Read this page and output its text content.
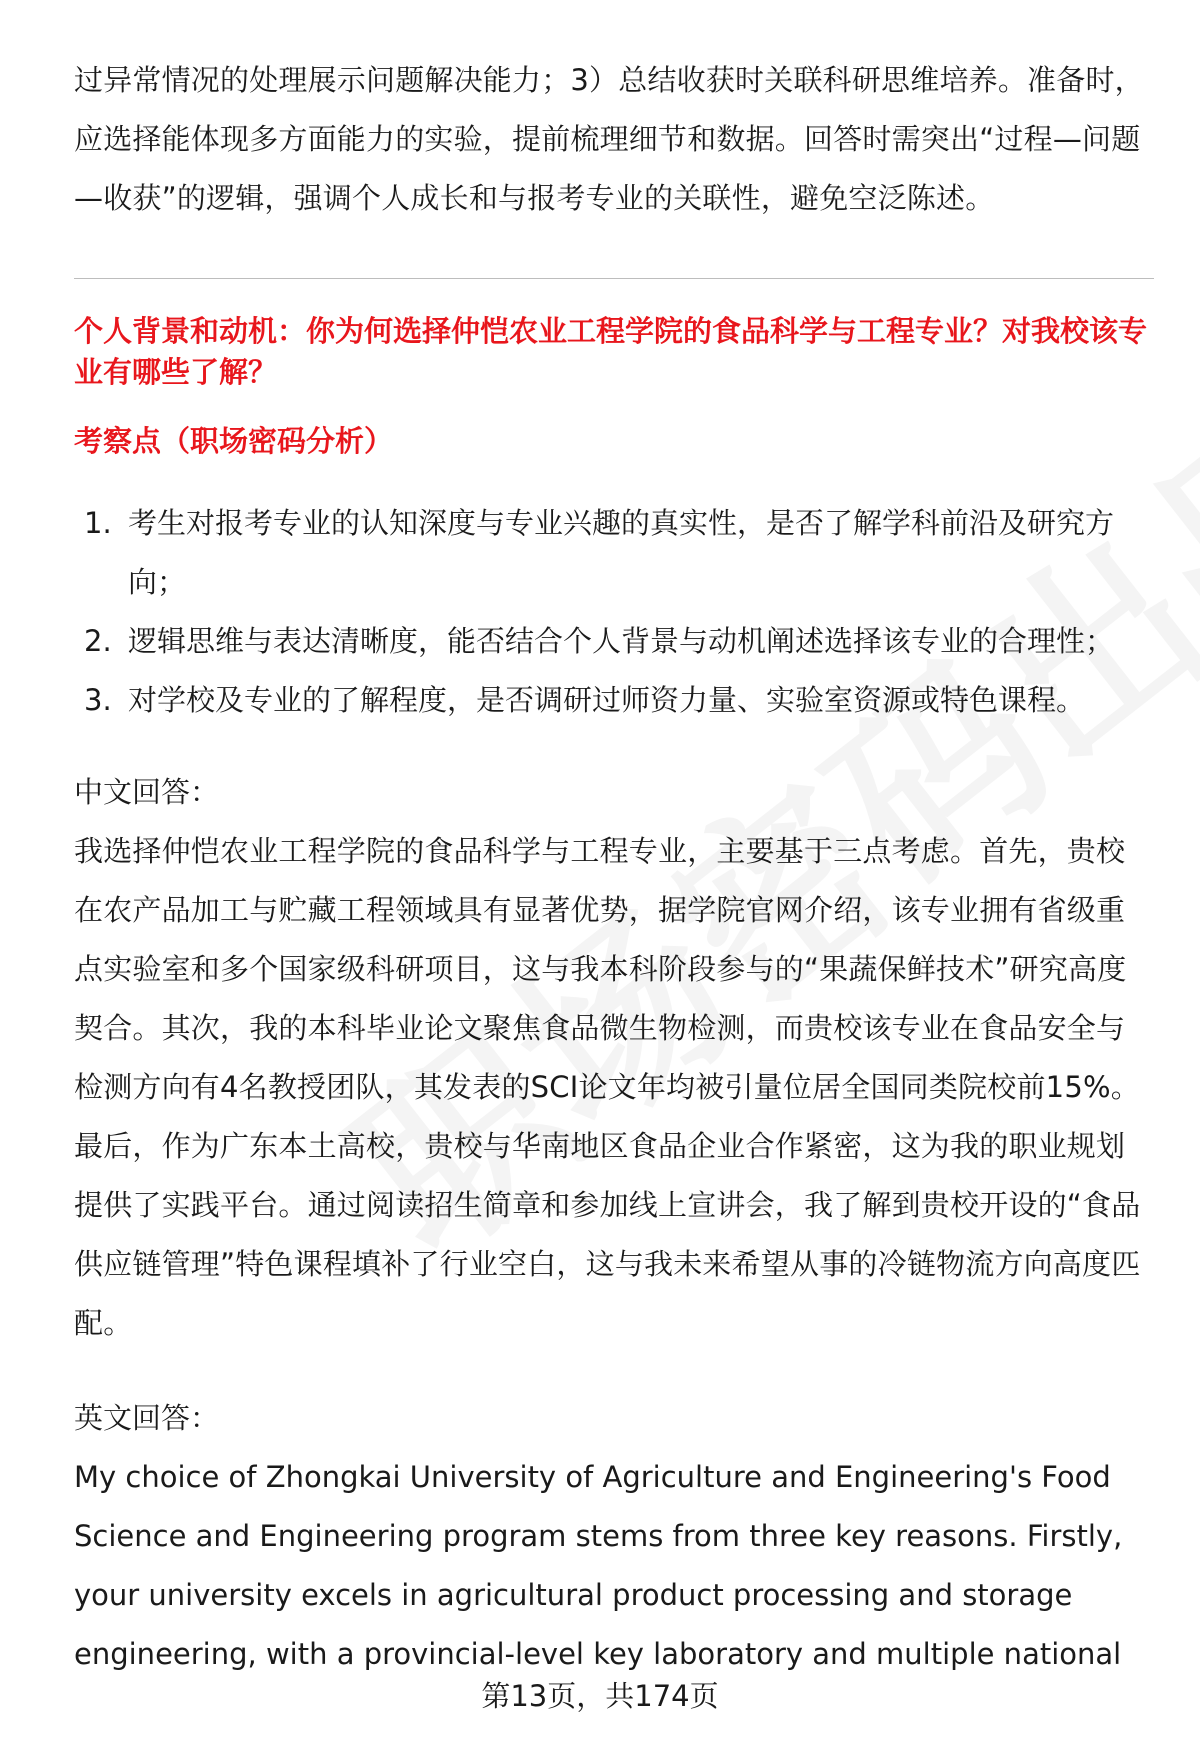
过异常情况的处理展示问题解决能力；3）总结收获时关联科研思维培养。准备时，应选择能体现多方面能力的实验，提前梳理细节和数据。回答时需突出“过程—问题—收获”的逻辑，强调个人成长和与报考专业的关联性，避免空泛陈述。

个人背景和动机：你为何选择仲恺农业工程学院的食品科学与工程专业？对我校该专业有哪些了解？
考察点（职场密码分析）
1. 考生对报考专业的认知深度与专业兴趣的真实性，是否了解学科前沿及研究方向；
2. 逻辑思维与表达清晰度，能否结合个人背景与动机阐述选择该专业的合理性；
3. 对学校及专业的了解程度，是否调研过师资力量、实验室资源或特色课程。

中文回答：

我选择仲恺农业工程学院的食品科学与工程专业，主要基于三点考虑。首先，贵校在农产品加工与贮藏工程领域具有显著优势，据学院官网介绍，该专业拥有省级重点实验室和多个国家级科研项目，这与我本科阶段参与的“果蔬保鲜技术”研究高度契合。其次，我的本科毕业论文聚焦食品微生物检测，而贵校该专业在食品安全与检测方向有4名教授团队，其发表的SCI论文年均被引量位居全国同类院校前15%。最后，作为广东本土高校，贵校与华南地区食品企业合作紧密，这为我的职业规划提供了实践平台。通过阅读招生简章和参加线上宣讲会，我了解到贵校开设的“食品供应链管理”特色课程填补了行业空白，这与我未来希望从事的冷链物流方向高度匹配。

英文回答：

My choice of Zhongkai University of Agriculture and Engineering's Food Science and Engineering program stems from three key reasons. Firstly, your university excels in agricultural product processing and storage engineering, with a provincial-level key laboratory and multiple national

第13页，共174页
